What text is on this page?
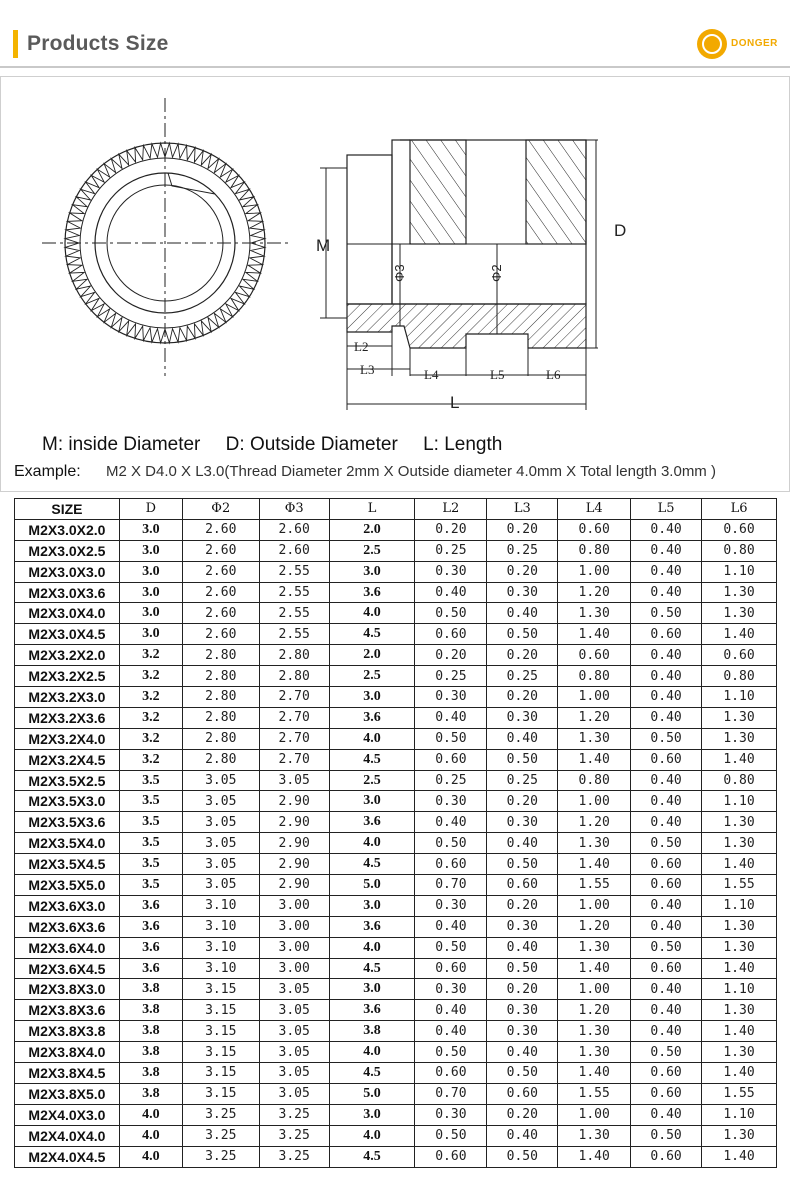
Products Size	DONGER
M
D
Φ3	Φ2
L
L2
L3	L4	L5	L6
M: inside Diameter D: Outside Diameter L: Length
Example: M2 X D4.0 X L3.0(Thread Diameter 2mm X Outside diameter 4.0mm X Total length 3.0mm )
SIZE	D	Φ2	Φ3	L	L2	L3	L4	L5	L6
M2X3.0X2.0	3.0	2.60	2.60	2.0	0.20	0.20	0.60	0.40	0.60
M2X3.0X2.5	3.0	2.60	2.60	2.5	0.25	0.25	0.80	0.40	0.80
M2X3.0X3.0	3.0	2.60	2.55	3.0	0.30	0.20	1.00	0.40	1.10
M2X3.0X3.6	3.0	2.60	2.55	3.6	0.40	0.30	1.20	0.40	1.30
M2X3.0X4.0	3.0	2.60	2.55	4.0	0.50	0.40	1.30	0.50	1.30
M2X3.0X4.5	3.0	2.60	2.55	4.5	0.60	0.50	1.40	0.60	1.40
M2X3.2X2.0	3.2	2.80	2.80	2.0	0.20	0.20	0.60	0.40	0.60
M2X3.2X2.5	3.2	2.80	2.80	2.5	0.25	0.25	0.80	0.40	0.80
M2X3.2X3.0	3.2	2.80	2.70	3.0	0.30	0.20	1.00	0.40	1.10
M2X3.2X3.6	3.2	2.80	2.70	3.6	0.40	0.30	1.20	0.40	1.30
M2X3.2X4.0	3.2	2.80	2.70	4.0	0.50	0.40	1.30	0.50	1.30
M2X3.2X4.5	3.2	2.80	2.70	4.5	0.60	0.50	1.40	0.60	1.40
M2X3.5X2.5	3.5	3.05	3.05	2.5	0.25	0.25	0.80	0.40	0.80
M2X3.5X3.0	3.5	3.05	2.90	3.0	0.30	0.20	1.00	0.40	1.10
M2X3.5X3.6	3.5	3.05	2.90	3.6	0.40	0.30	1.20	0.40	1.30
M2X3.5X4.0	3.5	3.05	2.90	4.0	0.50	0.40	1.30	0.50	1.30
M2X3.5X4.5	3.5	3.05	2.90	4.5	0.60	0.50	1.40	0.60	1.40
M2X3.5X5.0	3.5	3.05	2.90	5.0	0.70	0.60	1.55	0.60	1.55
M2X3.6X3.0	3.6	3.10	3.00	3.0	0.30	0.20	1.00	0.40	1.10
M2X3.6X3.6	3.6	3.10	3.00	3.6	0.40	0.30	1.20	0.40	1.30
M2X3.6X4.0	3.6	3.10	3.00	4.0	0.50	0.40	1.30	0.50	1.30
M2X3.6X4.5	3.6	3.10	3.00	4.5	0.60	0.50	1.40	0.60	1.40
M2X3.8X3.0	3.8	3.15	3.05	3.0	0.30	0.20	1.00	0.40	1.10
M2X3.8X3.6	3.8	3.15	3.05	3.6	0.40	0.30	1.20	0.40	1.30
M2X3.8X3.8	3.8	3.15	3.05	3.8	0.40	0.30	1.30	0.40	1.40
M2X3.8X4.0	3.8	3.15	3.05	4.0	0.50	0.40	1.30	0.50	1.30
M2X3.8X4.5	3.8	3.15	3.05	4.5	0.60	0.50	1.40	0.60	1.40
M2X3.8X5.0	3.8	3.15	3.05	5.0	0.70	0.60	1.55	0.60	1.55
M2X4.0X3.0	4.0	3.25	3.25	3.0	0.30	0.20	1.00	0.40	1.10
M2X4.0X4.0	4.0	3.25	3.25	4.0	0.50	0.40	1.30	0.50	1.30
M2X4.0X4.5	4.0	3.25	3.25	4.5	0.60	0.50	1.40	0.60	1.40
